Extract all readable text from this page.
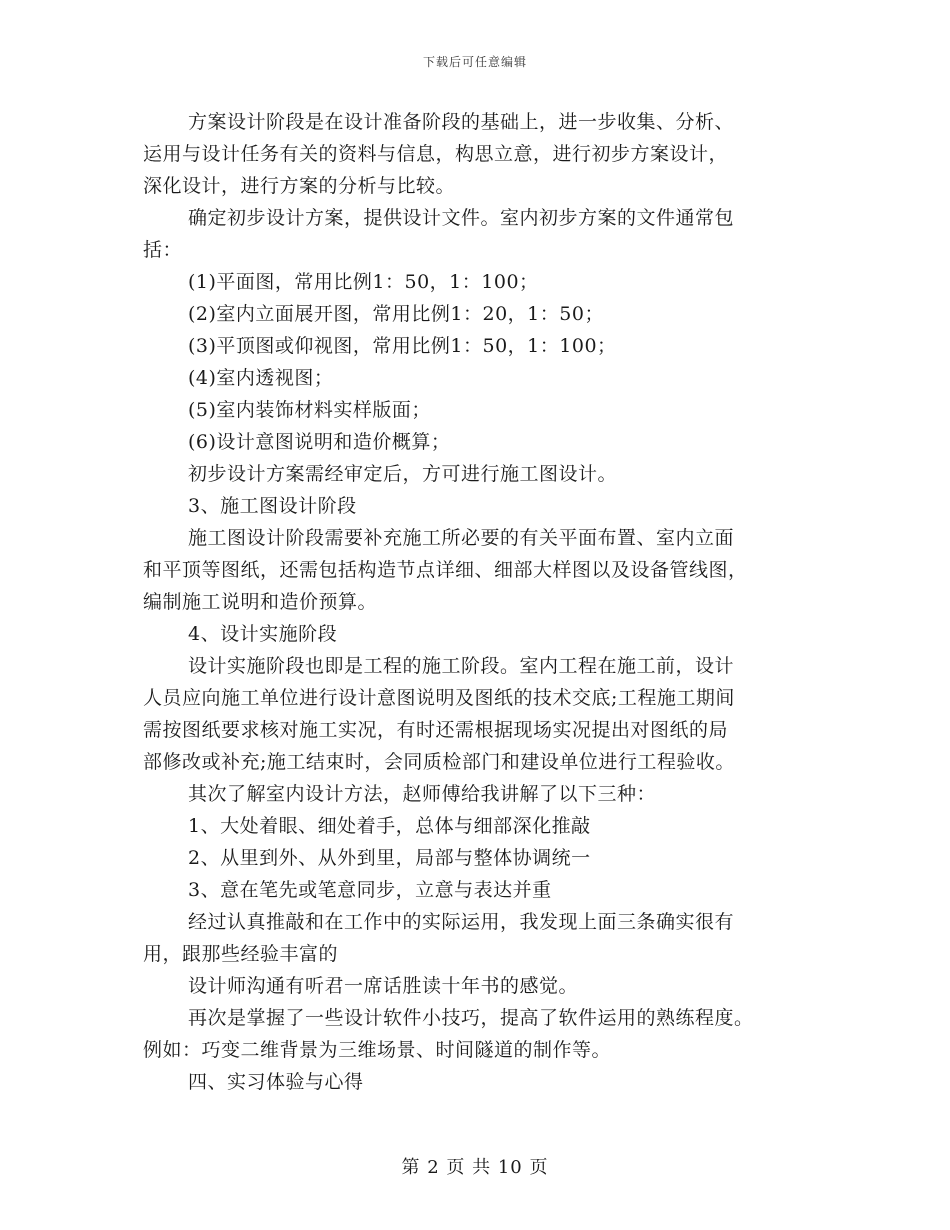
下载后可任意编辑
方案设计阶段是在设计准备阶段的基础上，进一步收集、分析、
运用与设计任务有关的资料与信息，构思立意，进行初步方案设计，
深化设计，进行方案的分析与比较。
确定初步设计方案，提供设计文件。室内初步方案的文件通常包
括：
(1)平面图，常用比例1：50，1：100；
(2)室内立面展开图，常用比例1：20，1：50；
(3)平顶图或仰视图，常用比例1：50，1：100；
(4)室内透视图；
(5)室内装饰材料实样版面；
(6)设计意图说明和造价概算；
初步设计方案需经审定后，方可进行施工图设计。
3、施工图设计阶段
施工图设计阶段需要补充施工所必要的有关平面布置、室内立面
和平顶等图纸，还需包括构造节点详细、细部大样图以及设备管线图，
编制施工说明和造价预算。
4、设计实施阶段
设计实施阶段也即是工程的施工阶段。室内工程在施工前，设计
人员应向施工单位进行设计意图说明及图纸的技术交底;工程施工期间
需按图纸要求核对施工实况，有时还需根据现场实况提出对图纸的局
部修改或补充;施工结束时，会同质检部门和建设单位进行工程验收。
其次了解室内设计方法，赵师傅给我讲解了以下三种：
1、大处着眼、细处着手，总体与细部深化推敲
2、从里到外、从外到里，局部与整体协调统一
3、意在笔先或笔意同步，立意与表达并重
经过认真推敲和在工作中的实际运用，我发现上面三条确实很有
用，跟那些经验丰富的
设计师沟通有听君一席话胜读十年书的感觉。
再次是掌握了一些设计软件小技巧，提高了软件运用的熟练程度。
例如：巧变二维背景为三维场景、时间隧道的制作等。
四、实习体验与心得
第 2 页 共 10 页
